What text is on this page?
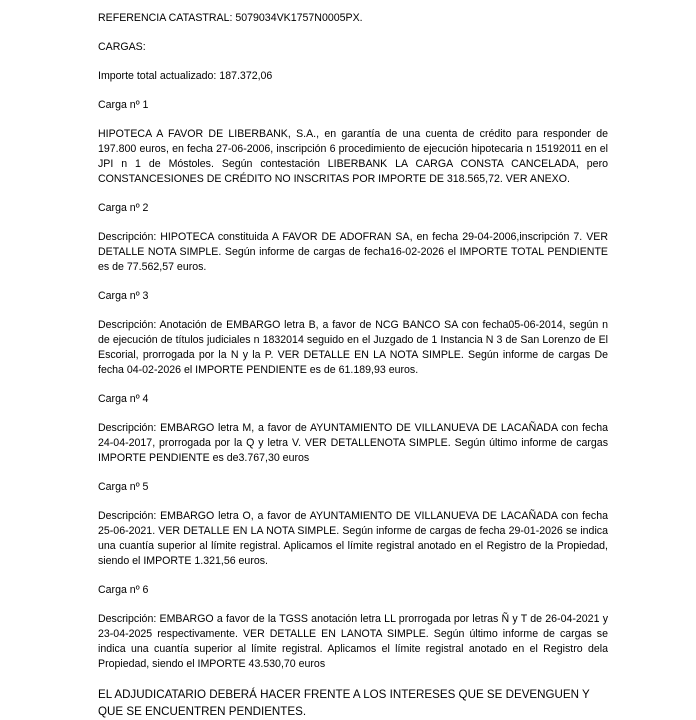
REFERENCIA CATASTRAL: 5079034VK1757N0005PX.

CARGAS:

Importe total actualizado: 187.372,06

Carga nº 1

HIPOTECA A FAVOR DE LIBERBANK, S.A., en garantía de una cuenta de crédito para responder de 197.800 euros, en fecha 27-06-2006, inscripción 6 procedimiento de ejecución hipotecaria n 15192011 en el JPI n 1 de Móstoles. Según contestación LIBERBANK LA CARGA CONSTA CANCELADA, pero CONSTANCESIONES DE CRÉDITO NO INSCRITAS POR IMPORTE DE 318.565,72. VER ANEXO.

Carga nº 2

Descripción: HIPOTECA constituida A FAVOR DE ADOFRAN SA, en fecha 29-04-2006,inscripción 7. VER DETALLE NOTA SIMPLE. Según informe de cargas de fecha16-02-2026 el IMPORTE TOTAL PENDIENTE es de 77.562,57 euros.

Carga nº 3

Descripción: Anotación de EMBARGO letra B, a favor de NCG BANCO SA con fecha05-06-2014, según n de ejecución de títulos judiciales n 1832014 seguido en el Juzgado de 1 Instancia N 3 de San Lorenzo de El Escorial, prorrogada por la N y la P. VER DETALLE EN LA NOTA SIMPLE. Según informe de cargas De fecha 04-02-2026 el IMPORTE PENDIENTE es de 61.189,93 euros.

Carga nº 4

Descripción: EMBARGO letra M, a favor de AYUNTAMIENTO DE VILLANUEVA DE LACAÑADA con fecha 24-04-2017, prorrogada por la Q y letra V. VER DETALLENOTA SIMPLE. Según último informe de cargas IMPORTE PENDIENTE es de3.767,30 euros

Carga nº 5

Descripción: EMBARGO letra O, a favor de AYUNTAMIENTO DE VILLANUEVA DE LACAÑADA con fecha 25-06-2021. VER DETALLE EN LA NOTA SIMPLE. Según informe de cargas de fecha 29-01-2026 se indica una cuantía superior al límite registral. Aplicamos el límite registral anotado en el Registro de la Propiedad, siendo el IMPORTE 1.321,56 euros.

Carga nº 6

Descripción: EMBARGO a favor de la TGSS anotación letra LL prorrogada por letras Ñ y T de 26-04-2021 y 23-04-2025 respectivamente. VER DETALLE EN LANOTA SIMPLE. Según último informe de cargas se indica una cuantía superior al límite registral. Aplicamos el límite registral anotado en el Registro dela Propiedad, siendo el IMPORTE 43.530,70 euros

EL ADJUDICATARIO DEBERÁ HACER FRENTE A LOS INTERESES QUE SE DEVENGUEN Y QUE SE ENCUENTREN PENDIENTES.
